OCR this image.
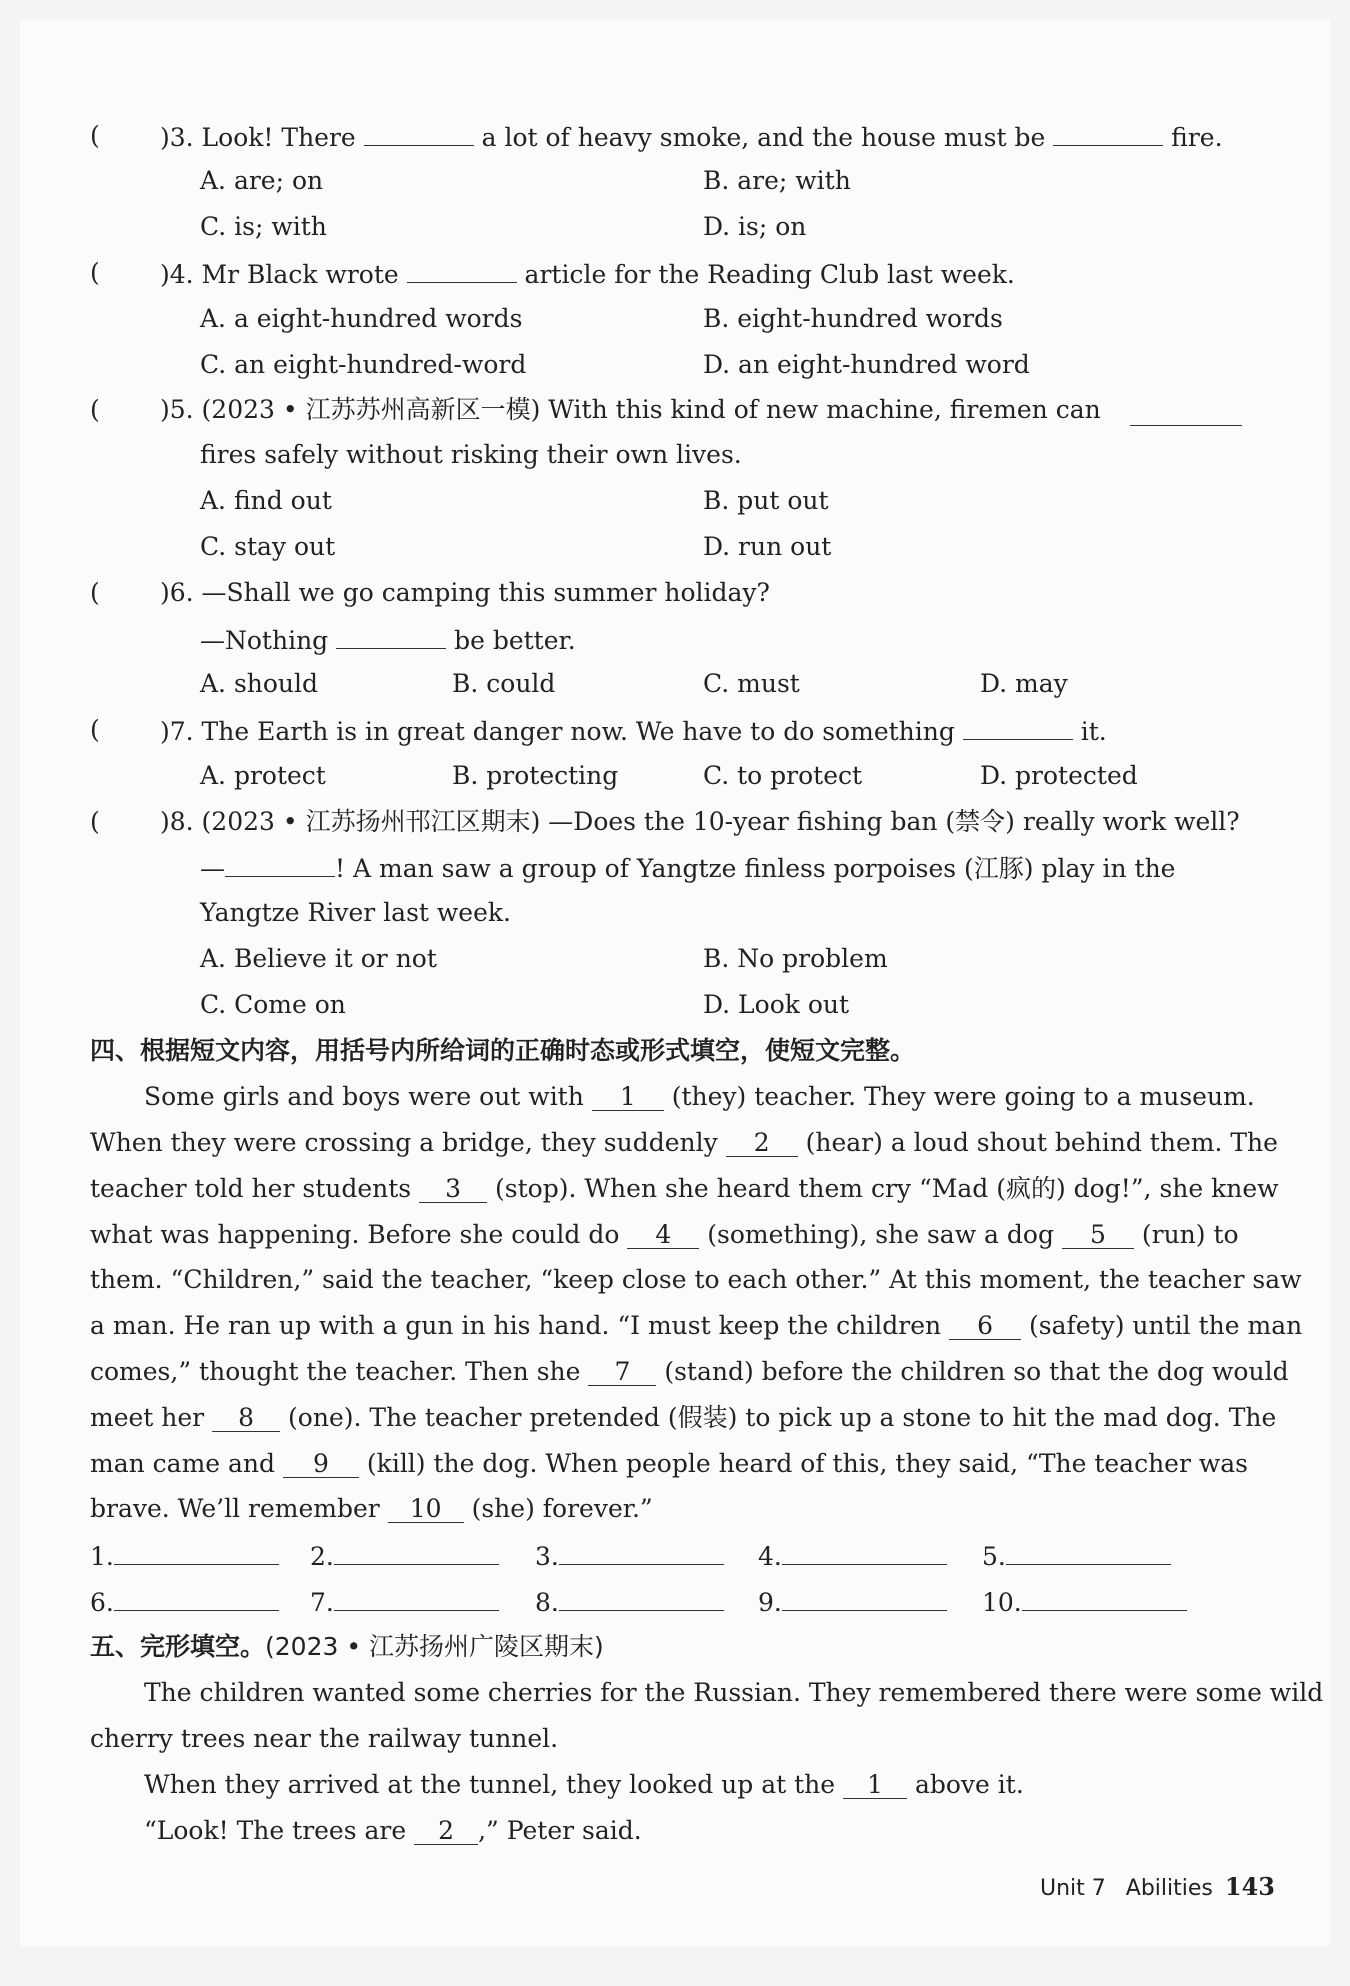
( )3. Look! There	a lot of heavy smoke, and the house must be	fire.
A. are; on	B. are; with
C. is; with	D. is; on
( )4. Mr Black wrote	article for the Reading Club last week.
A. a eight-hundred words	B. eight-hundred words
C. an eight-hundred-word	D. an eight-hundred word
( )5. (2023 • 江苏苏州高新区一模) With this kind of new machine, firemen can
fires safely without risking their own lives.
A. find out	B. put out
C. stay out	D. run out
( )6. —Shall we go camping this summer holiday?
—Nothing	be better.
A. should	B. could	C. must	D. may
( )7. The Earth is in great danger now. We have to do something	it.
A. protect	B. protecting	C. to protect	D. protected
( )8. (2023 • 江苏扬州邗江区期末) —Does the 10-year fishing ban (禁令) really work well?
—	! A man saw a group of Yangtze finless porpoises (江豚) play in the
Yangtze River last week.
A. Believe it or not	B. No problem
C. Come on	D. Look out
四、根据短文内容，用括号内所给词的正确时态或形式填空，使短文完整。
Some girls and boys were out with 1 (they) teacher. They were going to a museum.
When they were crossing a bridge, they suddenly 2 (hear) a loud shout behind them. The
teacher told her students 3 (stop). When she heard them cry “Mad (疯的) dog!”, she knew
what was happening. Before she could do 4 (something), she saw a dog 5 (run) to
them. “Children,” said the teacher, “keep close to each other.” At this moment, the teacher saw
a man. He ran up with a gun in his hand. “I must keep the children 6 (safety) until the man
comes,” thought the teacher. Then she 7 (stand) before the children so that the dog would
meet her 8 (one). The teacher pretended (假装) to pick up a stone to hit the mad dog. The
man came and 9 (kill) the dog. When people heard of this, they said, “The teacher was
brave. We’ll remember 10 (she) forever.”
1.	2.	3.	4.	5.
6.	7.	8.	9.	10.
五、完形填空。(2023 • 江苏扬州广陵区期末)
The children wanted some cherries for the Russian. They remembered there were some wild
cherry trees near the railway tunnel.
When they arrived at the tunnel, they looked up at the 1 above it.
“Look! The trees are 2 ,” Peter said.
Unit 7 Abilities 143
